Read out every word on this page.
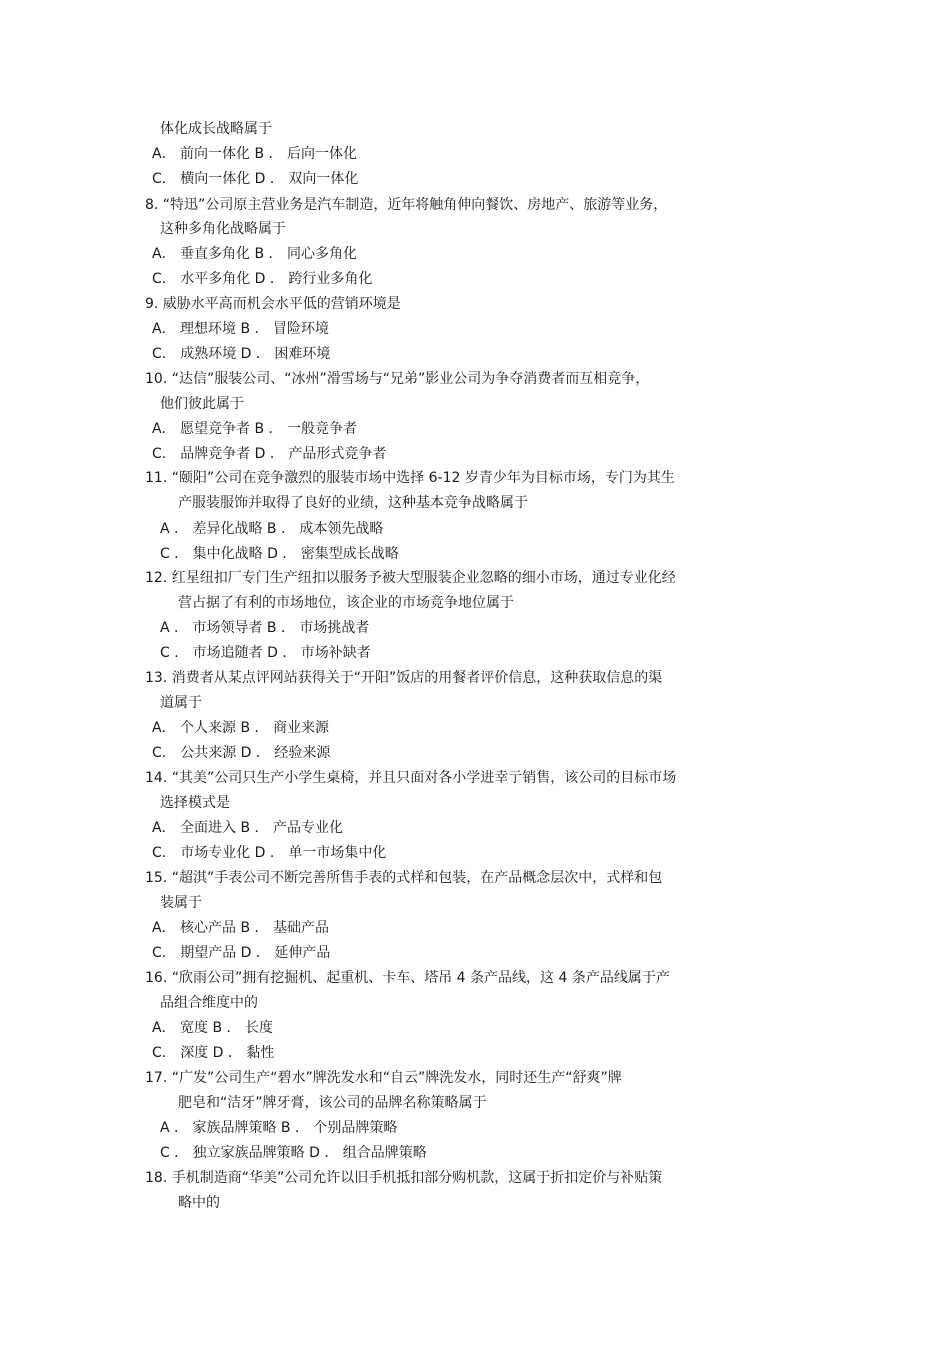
体化成长战略属于
A． 前向一体化 B ． 后向一体化
C． 横向一体化 D ． 双向一体化
8. “特迅”公司原主营业务是汽车制造，近年将触角伸向餐饮、房地产、旅游等业务，
这种多角化战略属于
A． 垂直多角化 B ． 同心多角化
C． 水平多角化 D ． 跨行业多角化
9. 威胁水平高而机会水平低的营销环境是
A． 理想环境 B ． 冒险环境
C． 成熟环境 D ． 困难环境
10. “达信”服装公司、“冰州”滑雪场与“兄弟”影业公司为争夺消费者而互相竞争，
他们彼此属于
A． 愿望竞争者 B ． 一般竞争者
C． 品牌竞争者 D ． 产品形式竞争者
11. “颐阳”公司在竞争激烈的服装市场中选择 6-12 岁青少年为目标市场，专门为其生
产服装服饰并取得了良好的业绩，这种基本竞争战略属于
A ． 差异化战略 B ． 成本领先战略
C ． 集中化战略 D ． 密集型成长战略
12. 红星纽扣厂专门生产纽扣以服务予被大型服装企业忽略的细小市场，通过专业化经
营占据了有利的市场地位，该企业的市场竞争地位属于
A ． 市场领导者 B ． 市场挑战者
C ． 市场追随者 D ． 市场补缺者
13. 消费者从某点评网站获得关于“开阳”饭店的用餐者评价信息，这种获取信息的渠
道属于
A． 个人来源 B ． 商业来源
C． 公共来源 D ． 经验来源
14. “其美”公司只生产小学生桌椅，并且只面对各小学进幸亍销售，该公司的目标市场
选择模式是
A． 全面进入 B ． 产品专业化
C． 市场专业化 D ． 单一市场集中化
15. “超淇”手表公司不断完善所售手表的式样和包装，在产品概念层次中，式样和包
装属于
A． 核心产品 B ． 基础产品
C． 期望产品 D ． 延伸产品
16. “欣雨公司”拥有挖掘机、起重机、卡车、塔吊 4 条产品线，这 4 条产品线属于产
品组合维度中的
A． 宽度 B ． 长度
C． 深度 D ． 黏性
17. “广发”公司生产“碧水”牌洗发水和“自云”牌洗发水，同时还生产“舒爽”牌
肥皂和“洁牙”牌牙膏，该公司的品牌名称策略属于
A ． 家族品牌策略 B ． 个别品牌策略
C ． 独立家族品牌策略 D ． 组合品牌策略
18. 手机制造商“华美”公司允许以旧手机抵扣部分购机款，这属于折扣定价与补贴策
略中的
